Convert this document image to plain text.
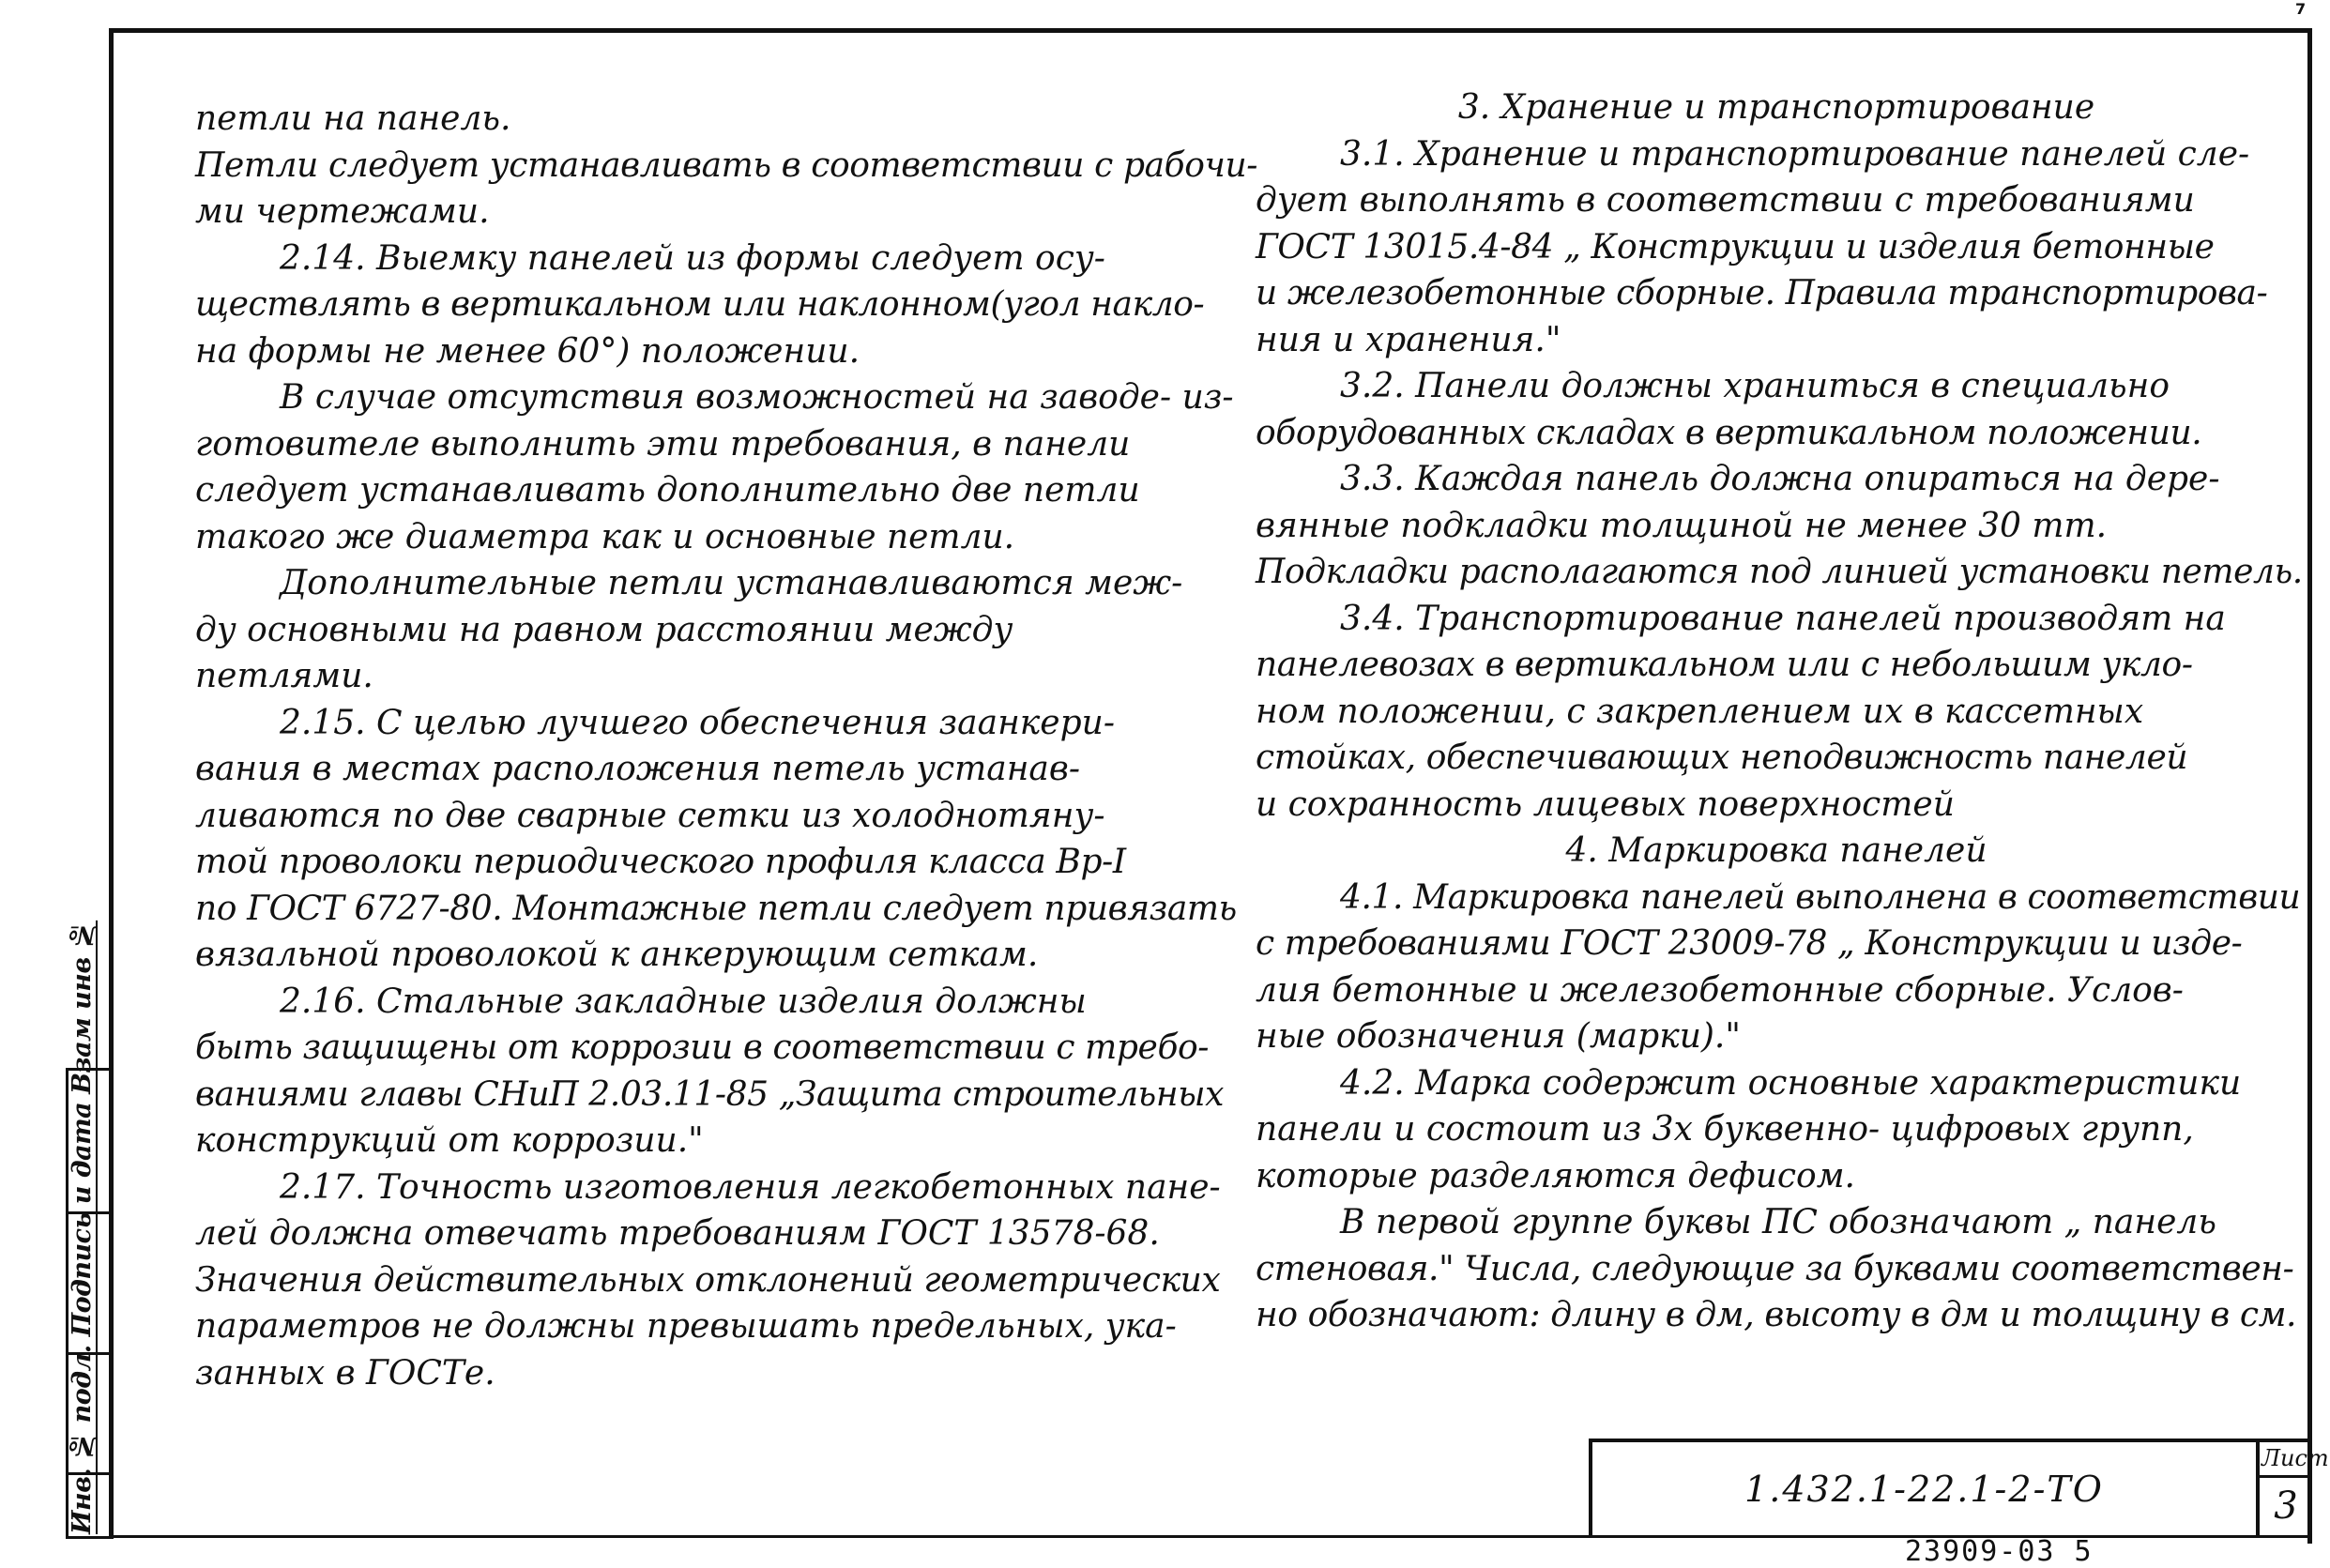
7
Инв. № подл. Подпись и дата Взам инв №
петли на панель.
Петли следует устанавливать в соответствии с рабочи-
ми чертежами.
2.14. Выемку панелей из формы следует осу-
ществлять в вертикальном или наклонном(угол накло-
на формы не менее 60°) положении.
В случае отсутствия возможностей на заводе- из-
готовителе выполнить эти требования, в панели
следует устанавливать дополнительно две петли
такого же диаметра как и основные петли.
Дополнительные петли устанавливаются меж-
ду основными на равном расстоянии между
петлями.
2.15. С целью лучшего обеспечения заанкери-
вания в местах расположения петель устанав-
ливаются по две сварные сетки из холоднотяну-
той проволоки периодического профиля класса Вр-I
по ГОСТ 6727-80. Монтажные петли следует привязать
вязальной проволокой к анкерующим сеткам.
2.16. Стальные закладные изделия должны
быть защищены от коррозии в соответствии с требо-
ваниями главы СНиП 2.03.11-85 „Защита строительных
конструкций от коррозии."
2.17. Точность изготовления легкобетонных пане-
лей должна отвечать требованиям ГОСТ 13578-68.
Значения действительных отклонений геометрических
параметров не должны превышать предельных, ука-
занных в ГОСТе.
3. Хранение и транспортирование
3.1. Хранение и транспортирование панелей сле-
дует выполнять в соответствии с требованиями
ГОСТ 13015.4-84 „ Конструкции и изделия бетонные
и железобетонные сборные. Правила транспортирова-
ния и хранения."
3.2. Панели должны храниться в специально
оборудованных складах в вертикальном положении.
3.3. Каждая панель должна опираться на дере-
вянные подкладки толщиной не менее 30 mm.
Подкладки располагаются под линией установки петель.
3.4. Транспортирование панелей производят на
панелевозах в вертикальном или с небольшим укло-
ном положении, с закреплением их в кассетных
стойках, обеспечивающих неподвижность панелей
и сохранность лицевых поверхностей
4. Маркировка панелей
4.1. Маркировка панелей выполнена в соответствии
с требованиями ГОСТ 23009-78 „ Конструкции и изде-
лия бетонные и железобетонные сборные. Услов-
ные обозначения (марки)."
4.2. Марка содержит основные характеристики
панели и состоит из 3х буквенно- цифровых групп,
которые разделяются дефисом.
В первой группе буквы ПС обозначают „ панель
стеновая." Числа, следующие за буквами соответствен-
но обозначают: длину в дм, высоту в дм и толщину в см.
1.432.1-22.1-2-ТО
Лист
3
23909-03 5
